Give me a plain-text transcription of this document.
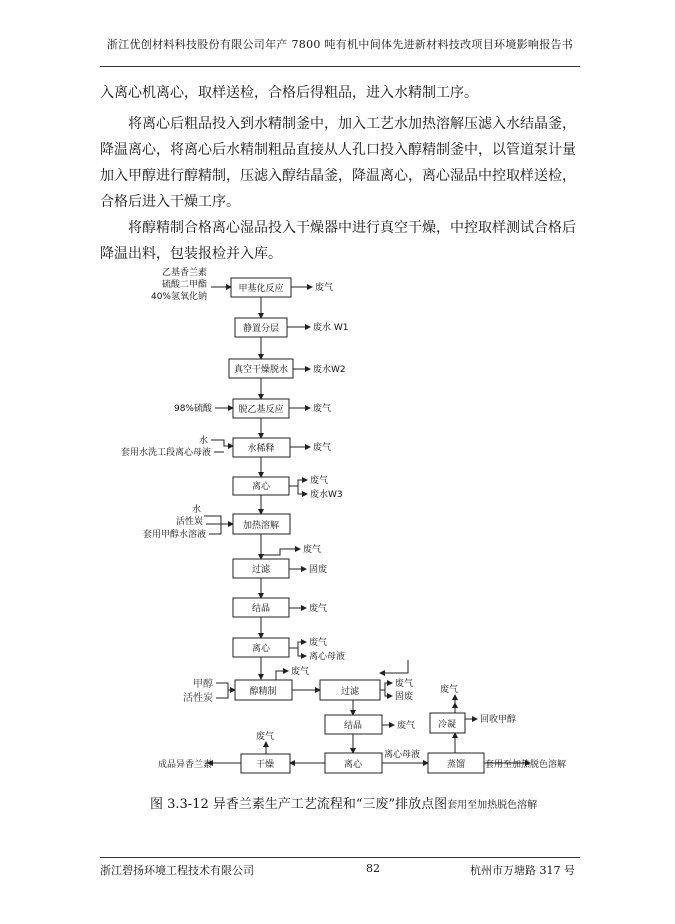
浙江优创材料科技股份有限公司年产 7800 吨有机中间体先进新材料技改项目环境影响报告书

入离心机离心，取样送检，合格后得粗品，进入水精制工序。

将离心后粗品投入到水精制釜中，加入工艺水加热溶解压滤入水结晶釜，降温离心，将离心后水精制粗品直接从人孔口投入醇精制釜中，以管道泵计量加入甲醇进行醇精制，压滤入醇结晶釜，降温离心，离心湿品中控取样送检，合格后进入干燥工序。

将醇精制合格离心湿品投入干燥器中进行真空干燥，中控取样测试合格后降温出料，包装报检并入库。

甲基化反应
静置分层
真空干燥脱水
脱乙基反应
水稀释
离心
加热溶解
过滤
结晶
离心
醇精制	过滤
结晶
离心
干燥	蒸馏
冷凝
乙基香兰素
硫酸二甲酯
40%氢氧化钠
98%硫酸
水
套用水洗工段离心母液
水
活性炭
套用甲醇水溶液
甲醇
活性炭
废气
废水 W1
废水W2
废气
废气
废气
废水W3
废气
固废
废气
废气
离心母液
废气
废气
固废
废气
离心母液
废气
成品异香兰素
废气
回收甲醇
套用至加热脱色溶解
图 3.3-12 异香兰素生产工艺流程和“三废”排放点图套用至加热脱色溶解
浙江碧扬环境工程技术有限公司	82	杭州市万塘路 317 号
